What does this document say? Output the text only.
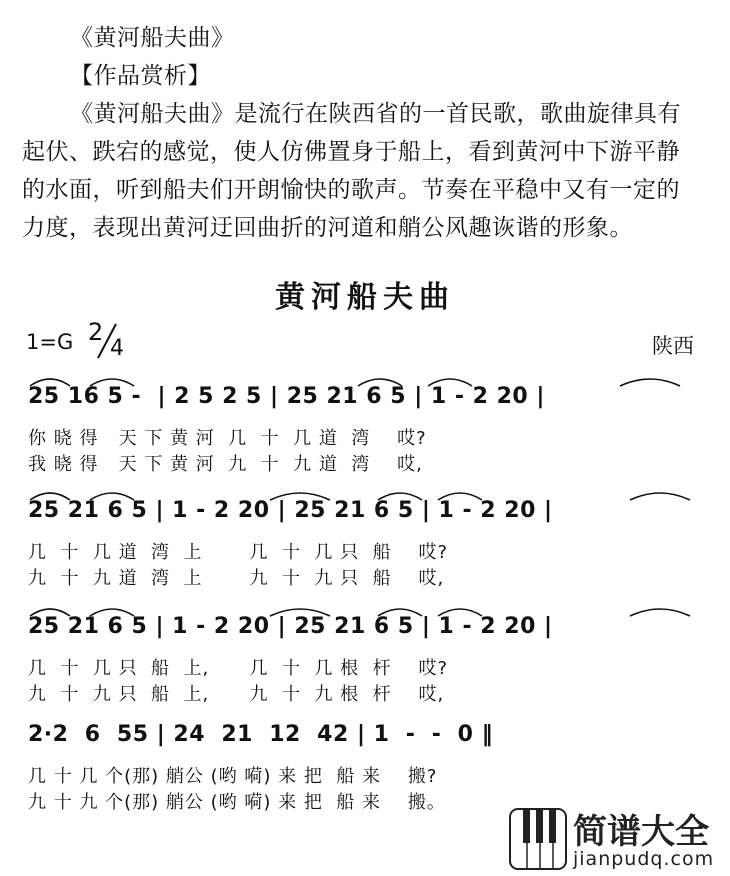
《黄河船夫曲》
【作品赏析】
《黄河船夫曲》是流行在陕西省的一首民歌，歌曲旋律具有
起伏、跌宕的感觉，使人仿佛置身于船上，看到黄河中下游平静
的水面，听到船夫们开朗愉快的歌声。节奏在平稳中又有一定的
力度，表现出黄河迂回曲折的河道和艄公风趣诙谐的形象。
黄河船夫曲
1=G 2
4	陕西
25 16 5 -  | 2 5 2 5 | 25 21 6 5 | 1 - 2 20 |
你 晓 得   天 下 黄 河  几  十  几 道  湾    哎?
我 晓 得   天 下 黄 河  九  十  九 道  湾    哎,
25 21 6 5 | 1 - 2 20 | 25 21 6 5 | 1 - 2 20 |
几  十  几 道  湾  上       几  十  几 只  船    哎?
九  十  九 道  湾  上       九  十  九 只  船    哎,
25 21 6 5 | 1 - 2 20 | 25 21 6 5 | 1 - 2 20 |
几  十  几 只  船  上,      几  十  几 根  杆    哎?
九  十  九 只  船  上,      九  十  九 根  杆    哎,
2·2  6  55 | 24  21  12  42 | 1  -  -  0 ‖
几 十 几 个(那) 艄公 (哟 嗬) 来 把  船 来    搬?
九 十 九 个(那) 艄公 (哟 嗬) 来 把  船 来    搬。
简谱大全
jianpudq.com
